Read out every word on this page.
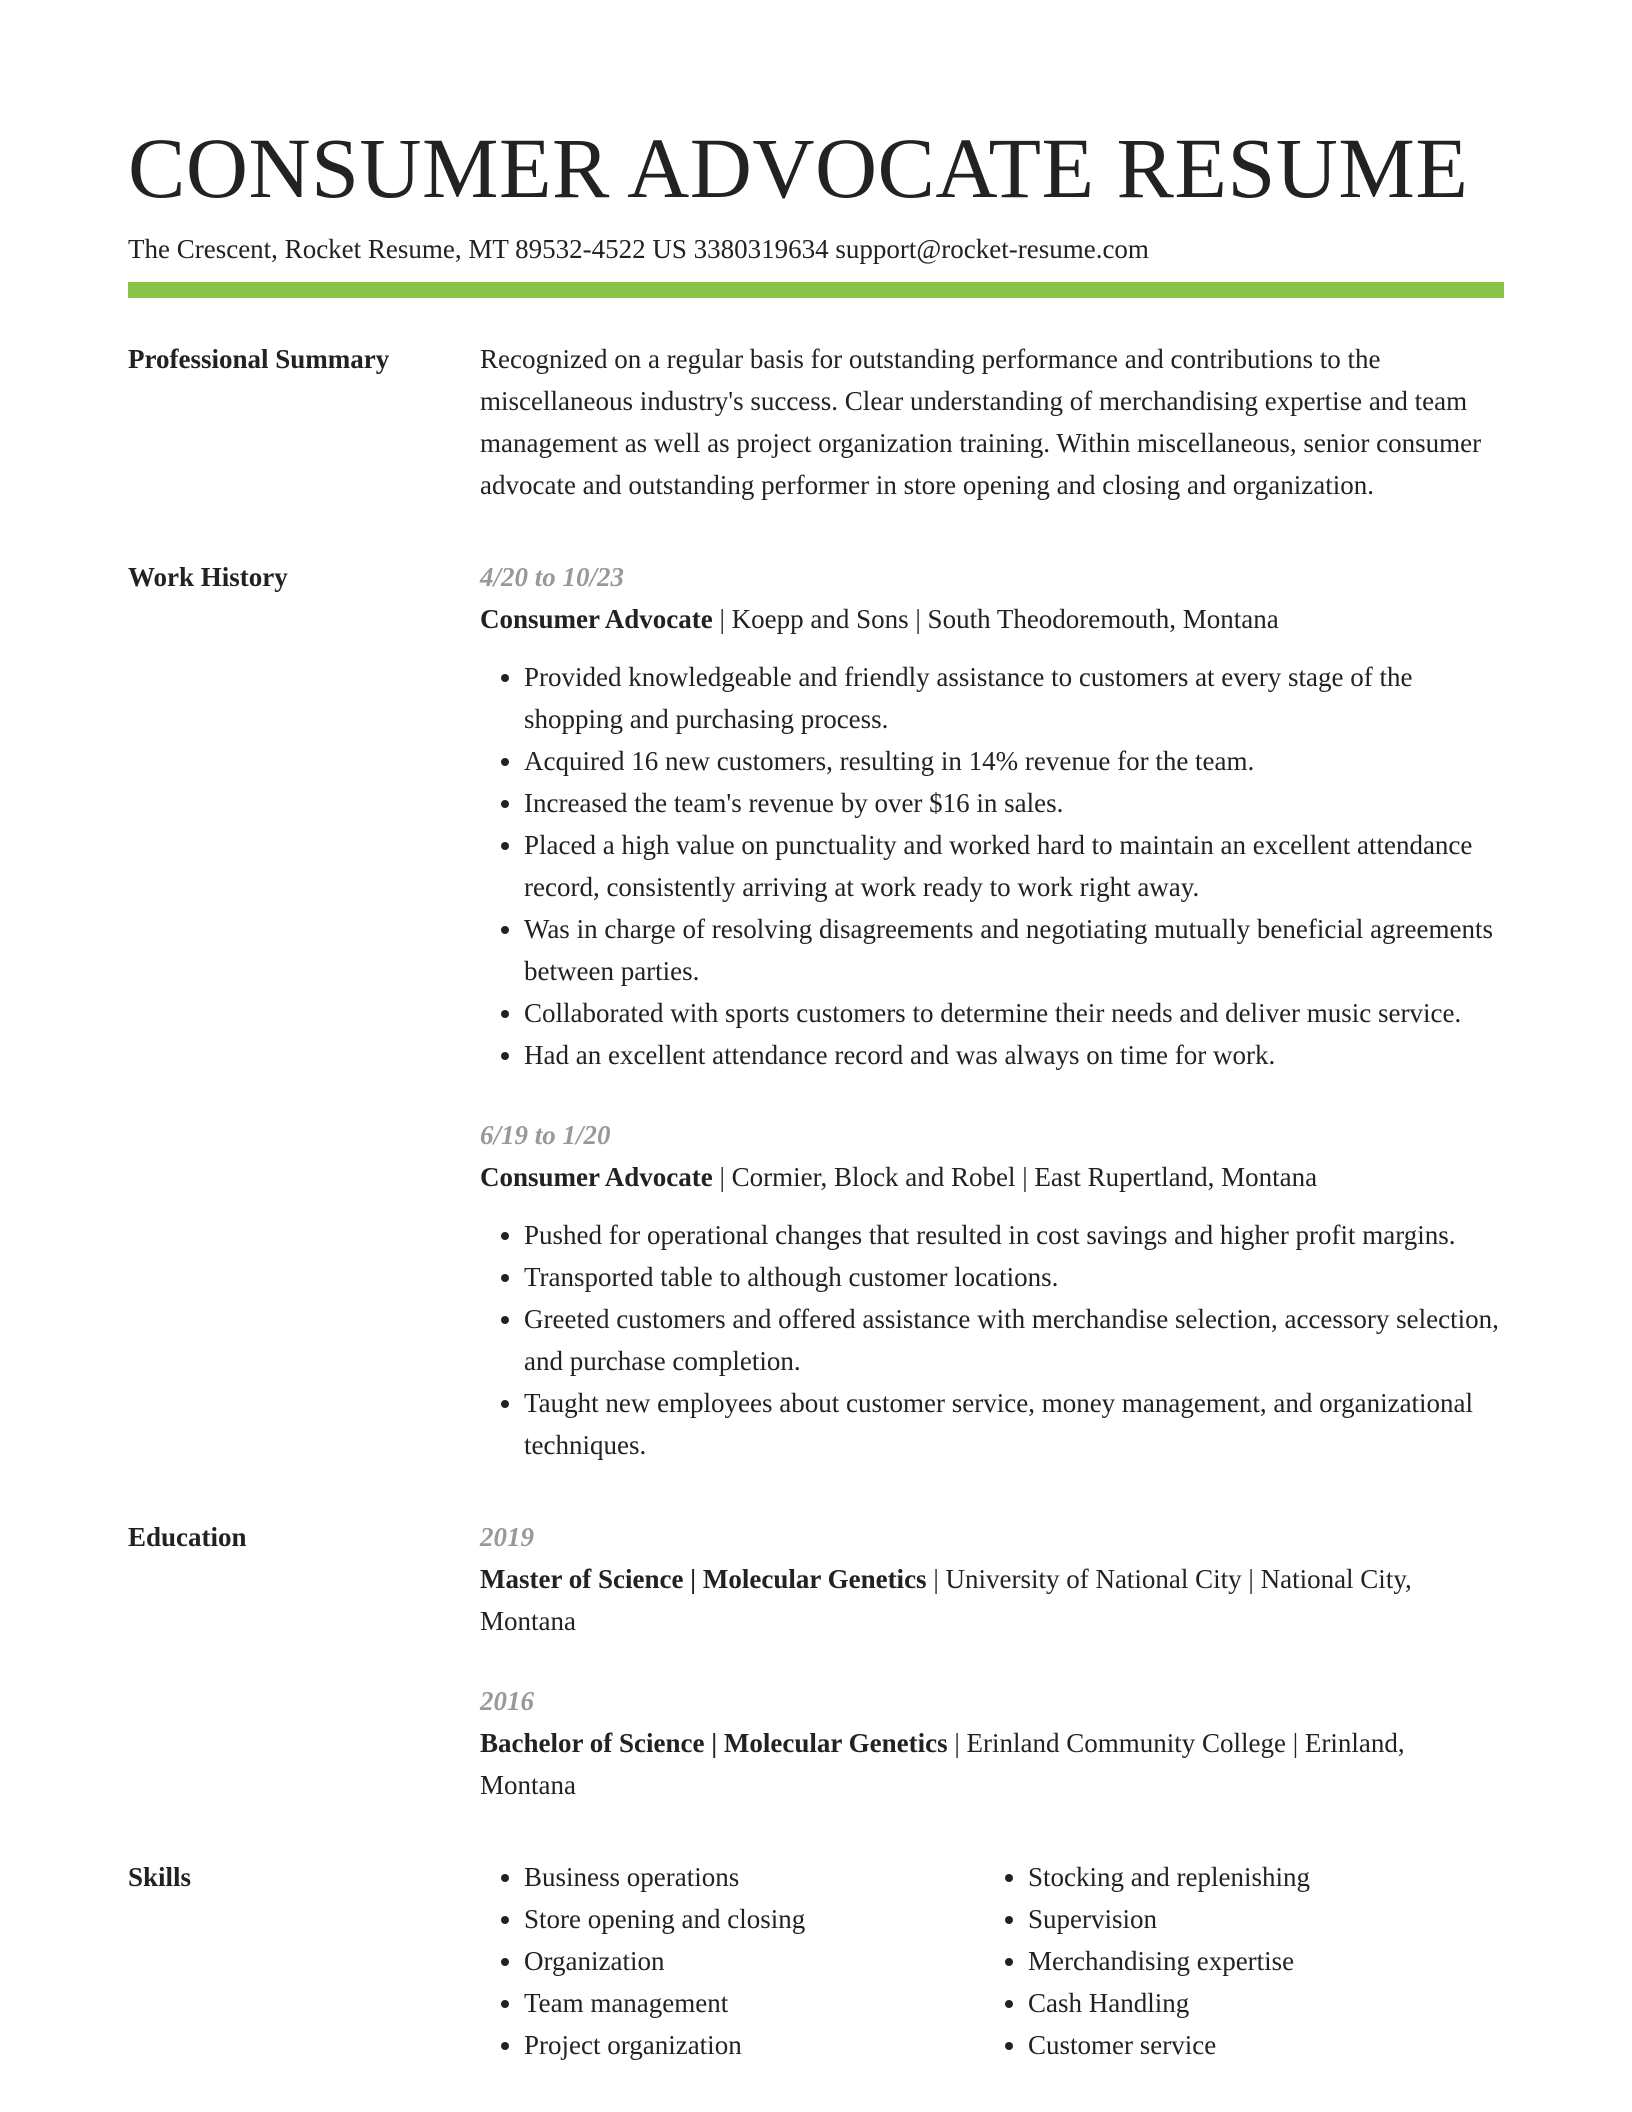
CONSUMER ADVOCATE RESUME
The Crescent, Rocket Resume, MT 89532-4522 US 3380319634 support@rocket-resume.com
Professional Summary	Recognized on a regular basis for outstanding performance and contributions to the miscellaneous industry's success. Clear understanding of merchandising expertise and team management as well as project organization training. Within miscellaneous, senior consumer advocate and outstanding performer in store opening and closing and organization.

Work History	4/20 to 10/23
Consumer Advocate | Koepp and Sons | South Theodoremouth, Montana
• Provided knowledgeable and friendly assistance to customers at every stage of the shopping and purchasing process.
• Acquired 16 new customers, resulting in 14% revenue for the team.
• Increased the team's revenue by over $16 in sales.
• Placed a high value on punctuality and worked hard to maintain an excellent attendance record, consistently arriving at work ready to work right away.
• Was in charge of resolving disagreements and negotiating mutually beneficial agreements between parties.
• Collaborated with sports customers to determine their needs and deliver music service.
• Had an excellent attendance record and was always on time for work.
6/19 to 1/20
Consumer Advocate | Cormier, Block and Robel | East Rupertland, Montana
• Pushed for operational changes that resulted in cost savings and higher profit margins.
• Transported table to although customer locations.
• Greeted customers and offered assistance with merchandise selection, accessory selection, and purchase completion.
• Taught new employees about customer service, money management, and organizational techniques.
Education	2019
Master of Science | Molecular Genetics | University of National City | National City, Montana
2016
Bachelor of Science | Molecular Genetics | Erinland Community College | Erinland, Montana
Skills
•	Business operations
• Store opening and closing
• Organization
• Team management
• Project organization
• Stocking and replenishing
• Supervision
• Merchandising expertise
• Cash Handling
• Customer service
